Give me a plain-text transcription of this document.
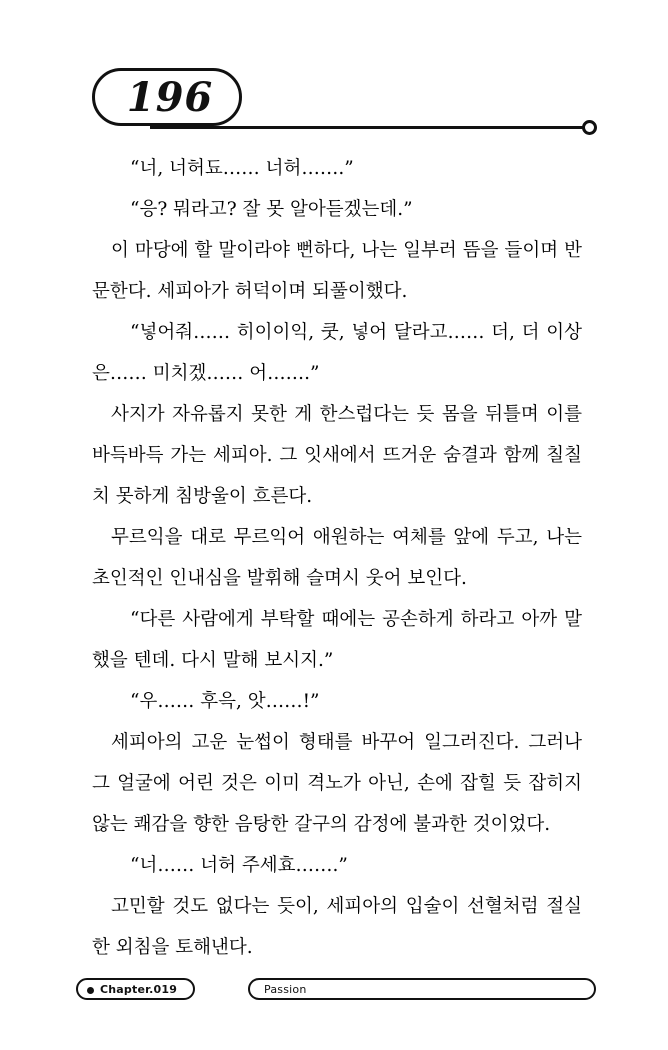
196

“너, 너허됴…… 너허…….”

“응? 뭐라고? 잘 못 알아듣겠는데.”

이 마당에 할 말이라야 뻔하다, 나는 일부러 뜸을 들이며 반문한다. 세피아가 허덕이며 되풀이했다.

“넣어줘…… 히이이익, 쿳, 넣어 달라고…… 더, 더 이상은…… 미치겠…… 어…….”

사지가 자유롭지 못한 게 한스럽다는 듯 몸을 뒤틀며 이를 바득바득 가는 세피아. 그 잇새에서 뜨거운 숨결과 함께 칠칠치 못하게 침방울이 흐른다.

무르익을 대로 무르익어 애원하는 여체를 앞에 두고, 나는 초인적인 인내심을 발휘해 슬며시 웃어 보인다.

“다른 사람에게 부탁할 때에는 공손하게 하라고 아까 말했을 텐데. 다시 말해 보시지.”

“우…… 후윽, 앗……!”

세피아의 고운 눈썹이 형태를 바꾸어 일그러진다. 그러나 그 얼굴에 어린 것은 이미 격노가 아닌, 손에 잡힐 듯 잡히지 않는 쾌감을 향한 음탕한 갈구의 감정에 불과한 것이었다.

“너…… 너허 주세효…….”

고민할 것도 없다는 듯이, 세피아의 입술이 선혈처럼 절실한 외침을 토해낸다.

Chapter.019	Passion
